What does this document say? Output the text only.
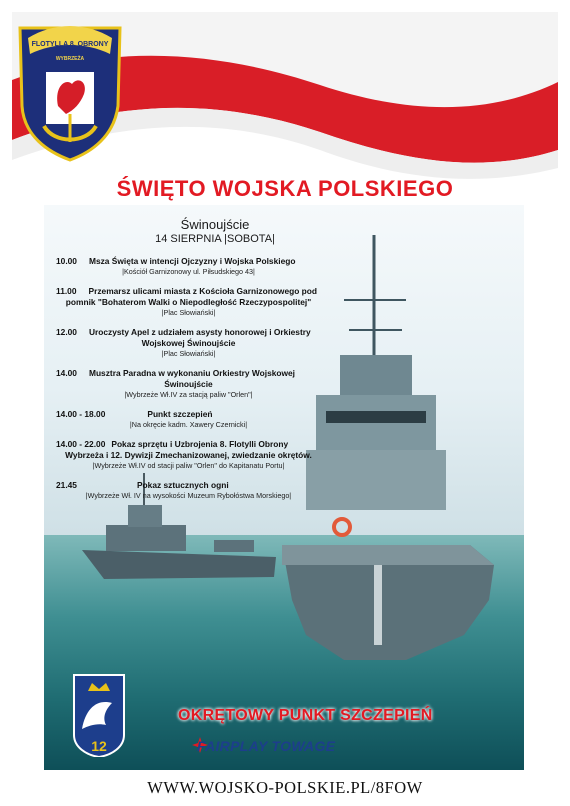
FLOTYLLA 8. OBRONY
WYBRZEŻA
ŚWIĘTO WOJSKA POLSKIEGO
Świnoujście
14 SIERPNIA |SOBOTA|
10.00 Msza Święta w intencji Ojczyzny i Wojska Polskiego
|Kościół Garnizonowy ul. Piłsudskiego 43|
11.00 Przemarsz ulicami miasta z Kościoła Garnizonowego pod
pomnik "Bohaterom Walki o Niepodległość Rzeczypospolitej"
|Plac Słowiański|
12.00 Uroczysty Apel z udziałem asysty honorowej i Orkiestry
Wojskowej Świnoujście
|Plac Słowiański|
14.00 Musztra Paradna w wykonaniu Orkiestry Wojskowej
Świnoujście
|Wybrzeże Wł.IV za stacją paliw "Orlen"|
14.00 - 18.00	Punkt szczepień
|Na okręcie kadm. Xawery Czernicki|
14.00 - 22.00 Pokaz sprzętu i Uzbrojenia 8. Flotylli Obrony
Wybrzeża i 12. Dywizji Zmechanizowanej, zwiedzanie okrętów.
|Wybrzeże Wł.IV od stacji paliw "Orlen" do Kapitanatu Portu|
21.45	Pokaz sztucznych ogni
|Wybrzeże Wł. IV na wysokości Muzeum Rybołóstwa Morskiego|
12
OKRĘTOWY PUNKT SZCZEPIEŃ
FAIRPLAY TOWAGE
WWW.WOJSKO-POLSKIE.PL/8FOW
